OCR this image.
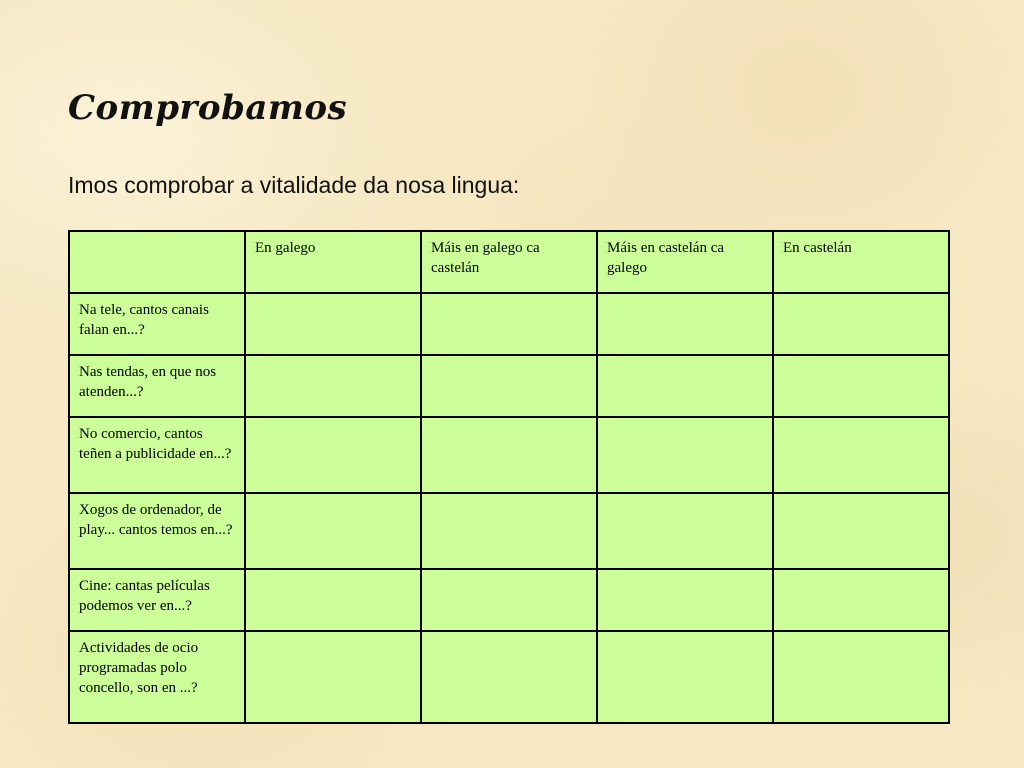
Comprobamos

Imos comprobar a vitalidade da nosa lingua:

	En galego	Máis en galego ca castelán	Máis en castelán ca galego	En castelán
Na tele, cantos canais falan en...?				
Nas tendas, en que nos atenden...?				
No comercio, cantos teñen a publicidade en...?				
Xogos de ordenador, de play... cantos temos en...?				
Cine: cantas películas podemos ver en...?				
Actividades de ocio programadas polo concello, son en ...?				
